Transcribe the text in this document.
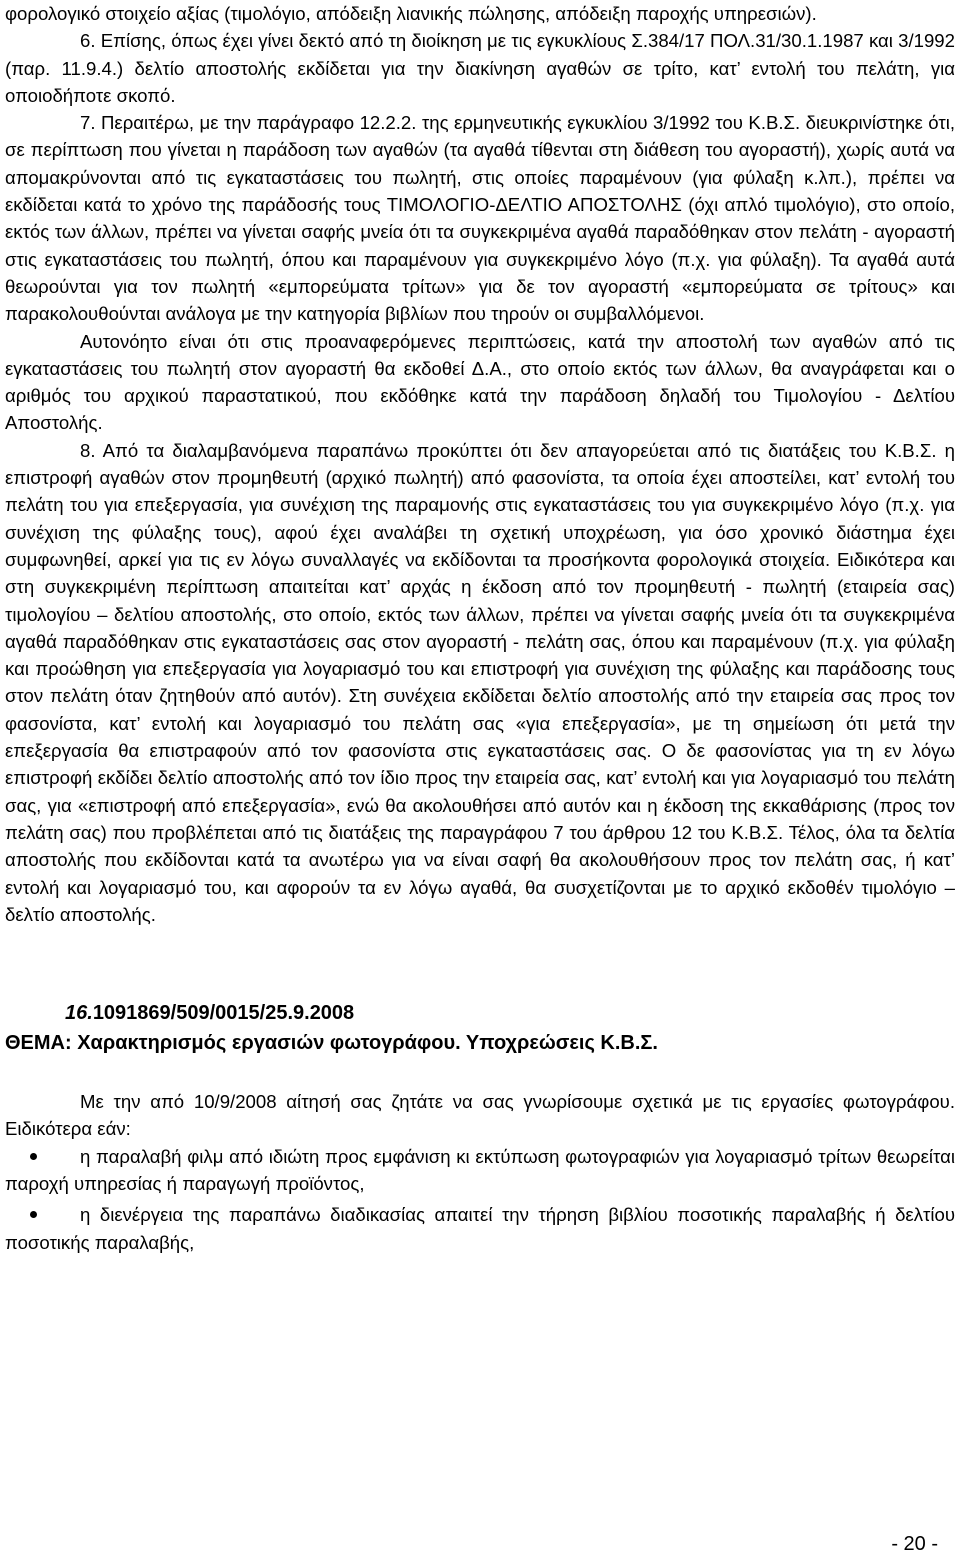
φορολογικό στοιχείο αξίας (τιμολόγιο, απόδειξη λιανικής πώλησης, απόδειξη παροχής υπηρεσιών).

6. Επίσης, όπως έχει γίνει δεκτό από τη διοίκηση με τις εγκυκλίους Σ.384/17 ΠΟΛ.31/30.1.1987 και 3/1992 (παρ. 11.9.4.) δελτίο αποστολής εκδίδεται για την διακίνηση αγαθών σε τρίτο, κατ’ εντολή του πελάτη, για οποιοδήποτε σκοπό.

7. Περαιτέρω, με την παράγραφο 12.2.2. της ερμηνευτικής εγκυκλίου 3/1992 του Κ.Β.Σ. διευκρινίστηκε ότι, σε περίπτωση που γίνεται η παράδοση των αγαθών (τα αγαθά τίθενται στη διάθεση του αγοραστή), χωρίς αυτά να απομακρύνονται από τις εγκαταστάσεις του πωλητή, στις οποίες παραμένουν (για φύλαξη κ.λπ.), πρέπει να εκδίδεται κατά το χρόνο της παράδοσής τους ΤΙΜΟΛΟΓΙΟ-ΔΕΛΤΙΟ ΑΠΟΣΤΟΛΗΣ (όχι απλό τιμολόγιο), στο οποίο, εκτός των άλλων, πρέπει να γίνεται σαφής μνεία ότι τα συγκεκριμένα αγαθά παραδόθηκαν στον πελάτη - αγοραστή στις εγκαταστάσεις του πωλητή, όπου και παραμένουν για συγκεκριμένο λόγο (π.χ. για φύλαξη). Τα αγαθά αυτά θεωρούνται για τον πωλητή «εμπορεύματα τρίτων» για δε τον αγοραστή «εμπορεύματα σε τρίτους» και παρακολουθούνται ανάλογα με την κατηγορία βιβλίων που τηρούν οι συμβαλλόμενοι.

Αυτονόητο είναι ότι στις προαναφερόμενες περιπτώσεις, κατά την αποστολή των αγαθών από τις εγκαταστάσεις του πωλητή στον αγοραστή θα εκδοθεί Δ.Α., στο οποίο εκτός των άλλων, θα αναγράφεται και ο αριθμός του αρχικού παραστατικού, που εκδόθηκε κατά την παράδοση δηλαδή του Τιμολογίου - Δελτίου Αποστολής.

8. Από τα διαλαμβανόμενα παραπάνω προκύπτει ότι δεν απαγορεύεται από τις διατάξεις του Κ.Β.Σ. η επιστροφή αγαθών στον προμηθευτή (αρχικό πωλητή) από φασονίστα, τα οποία έχει αποστείλει, κατ’ εντολή του πελάτη του για επεξεργασία, για συνέχιση της παραμονής στις εγκαταστάσεις του για συγκεκριμένο λόγο (π.χ. για συνέχιση της φύλαξης τους), αφού έχει αναλάβει τη σχετική υποχρέωση, για όσο χρονικό διάστημα έχει συμφωνηθεί, αρκεί για τις εν λόγω συναλλαγές να εκδίδονται τα προσήκοντα φορολογικά στοιχεία. Ειδικότερα και στη συγκεκριμένη περίπτωση απαιτείται κατ’ αρχάς η έκδοση από τον προμηθευτή - πωλητή (εταιρεία σας) τιμολογίου – δελτίου αποστολής, στο οποίο, εκτός των άλλων, πρέπει να γίνεται σαφής μνεία ότι τα συγκεκριμένα αγαθά παραδόθηκαν στις εγκαταστάσεις σας στον αγοραστή - πελάτη σας, όπου και παραμένουν (π.χ. για φύλαξη και προώθηση για επεξεργασία για λογαριασμό του και επιστροφή για συνέχιση της φύλαξης και παράδοσης τους στον πελάτη όταν ζητηθούν από αυτόν). Στη συνέχεια εκδίδεται δελτίο αποστολής από την εταιρεία σας προς τον φασονίστα, κατ’ εντολή και λογαριασμό του πελάτη σας «για επεξεργασία», με τη σημείωση ότι μετά την επεξεργασία θα επιστραφούν από τον φασονίστα στις εγκαταστάσεις σας. Ο δε φασονίστας για τη εν λόγω επιστροφή εκδίδει δελτίο αποστολής από τον ίδιο προς την εταιρεία σας, κατ’ εντολή και για λογαριασμό του πελάτη σας, για «επιστροφή από επεξεργασία», ενώ θα ακολουθήσει από αυτόν και η έκδοση της εκκαθάρισης (προς τον πελάτη σας) που προβλέπεται από τις διατάξεις της παραγράφου 7 του άρθρου 12 του Κ.Β.Σ. Τέλος, όλα τα δελτία αποστολής που εκδίδονται κατά τα ανωτέρω για να είναι σαφή θα ακολουθήσουν προς τον πελάτη σας, ή κατ’ εντολή και λογαριασμό του, και αφορούν τα εν λόγω αγαθά, θα συσχετίζονται με το αρχικό εκδοθέν τιμολόγιο – δελτίο αποστολής.

16.1091869/509/0015/25.9.2008

ΘΕΜΑ: Χαρακτηρισμός εργασιών φωτογράφου. Υποχρεώσεις Κ.Β.Σ.

Με την από 10/9/2008 αίτησή σας ζητάτε να σας γνωρίσουμε σχετικά με τις εργασίες φωτογράφου. Ειδικότερα εάν:

η παραλαβή φιλμ από ιδιώτη προς εμφάνιση κι εκτύπωση φωτογραφιών για λογαριασμό τρίτων θεωρείται παροχή υπηρεσίας ή παραγωγή προϊόντος,

η διενέργεια της παραπάνω διαδικασίας απαιτεί την τήρηση βιβλίου ποσοτικής παραλαβής ή δελτίου ποσοτικής παραλαβής,

- 20 -
